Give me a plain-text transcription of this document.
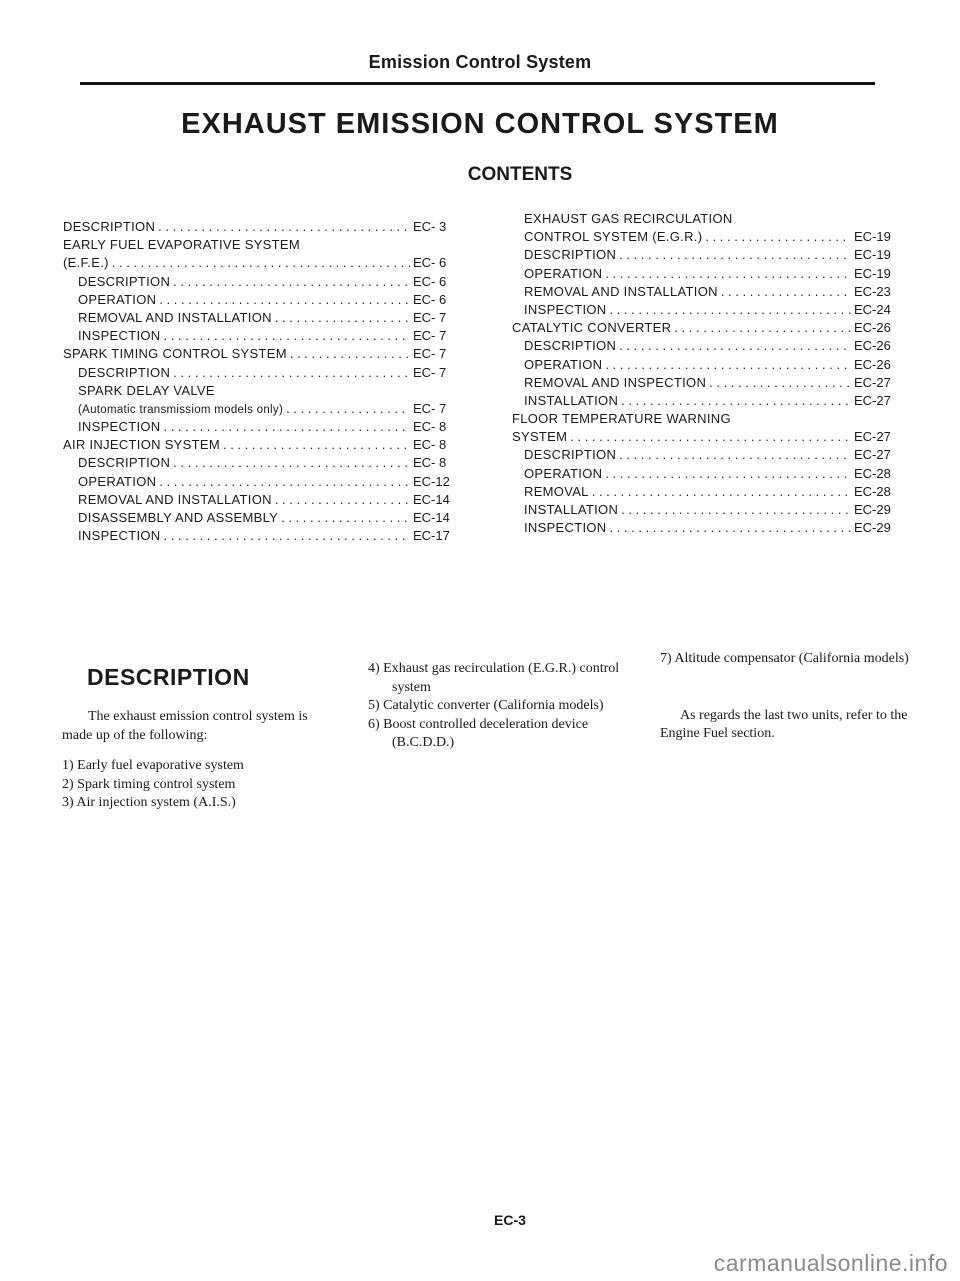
Emission Control System
EXHAUST EMISSION CONTROL SYSTEM
CONTENTS
DESCRIPTION . . .	EC- 3
EARLY FUEL EVAPORATIVE SYSTEM
(E.F.E.) . . .	EC- 6
DESCRIPTION . . .	EC- 6
OPERATION . . .	EC- 6
REMOVAL AND INSTALLATION . . .	EC- 7
INSPECTION . . .	EC- 7
SPARK TIMING CONTROL SYSTEM . . .	EC- 7
DESCRIPTION . . .	EC- 7
SPARK DELAY VALVE
(Automatic transmissiom models only) . . .	EC- 7
INSPECTION . . .	EC- 8
AIR INJECTION SYSTEM . . .	EC- 8
DESCRIPTION . . .	EC- 8
OPERATION . . .	EC-12
REMOVAL AND INSTALLATION . . .	EC-14
DISASSEMBLY AND ASSEMBLY . . .	EC-14
INSPECTION . . .	EC-17
EXHAUST GAS RECIRCULATION
CONTROL SYSTEM (E.G.R.) . . .	EC-19
DESCRIPTION . . .	EC-19
OPERATION . . .	EC-19
REMOVAL AND INSTALLATION . . .	EC-23
INSPECTION . . .	EC-24
CATALYTIC CONVERTER . . .	EC-26
DESCRIPTION . . .	EC-26
OPERATION . . .	EC-26
REMOVAL AND INSPECTION . . .	EC-27
INSTALLATION . . .	EC-27
FLOOR TEMPERATURE WARNING
SYSTEM . . .	EC-27
DESCRIPTION . . .	EC-27
OPERATION . . .	EC-28
REMOVAL . . .	EC-28
INSTALLATION . . .	EC-29
INSPECTION . . .	EC-29
DESCRIPTION

The exhaust emission control system is made up of the following:

1) Early fuel evaporative system

2) Spark timing control system

3) Air injection system (A.I.S.)

4) Exhaust gas recirculation (E.G.R.) control system

5) Catalytic converter (California models)

6) Boost controlled deceleration device (B.C.D.D.)

7) Altitude compensator (California models)

As regards the last two units, refer to the Engine Fuel section.

EC-3
carmanualsonline.info
